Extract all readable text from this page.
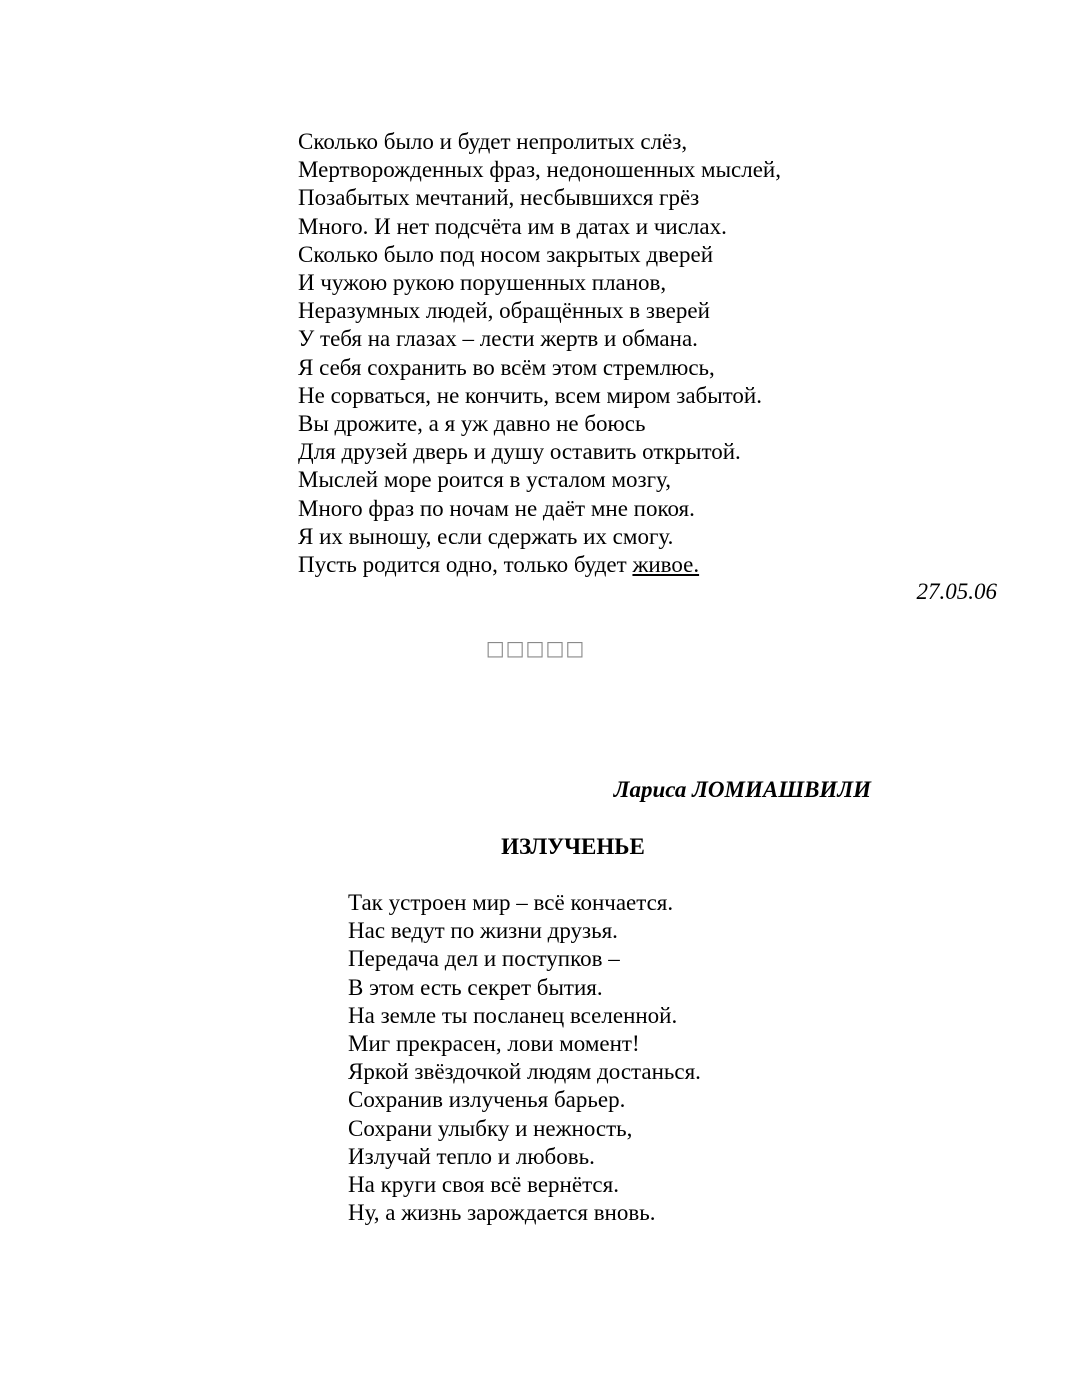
Сколько было и будет непролитых слёз,
Мертворожденных фраз, недоношенных мыслей,
Позабытых мечтаний, несбывшихся грёз
Много. И нет подсчёта им в датах и числах.
Сколько было под носом закрытых дверей
И чужою рукою порушенных планов,
Неразумных людей, обращённых в зверей
У тебя на глазах – лести жертв и обмана.
Я себя сохранить во всём этом стремлюсь,
Не сорваться, не кончить, всем миром забытой.
Вы дрожите, а я уж давно не боюсь
Для друзей дверь и душу оставить открытой.
Мыслей море роится в усталом мозгу,
Много фраз по ночам не даёт мне покоя.
Я их выношу, если сдержать их смогу.
Пусть родится одно, только будет живое.
27.05.06
□□□□□
Лариса ЛОМИАШВИЛИ
ИЗЛУЧЕНЬЕ
Так устроен мир – всё кончается.
Нас ведут по жизни друзья.
Передача дел и поступков –
В этом есть секрет бытия.
На земле ты посланец вселенной.
Миг прекрасен, лови момент!
Яркой звёздочкой людям достанься.
Сохранив излученья барьер.
Сохрани улыбку и нежность,
Излучай тепло и любовь.
На круги своя всё вернётся.
Ну, а жизнь зарождается вновь.
